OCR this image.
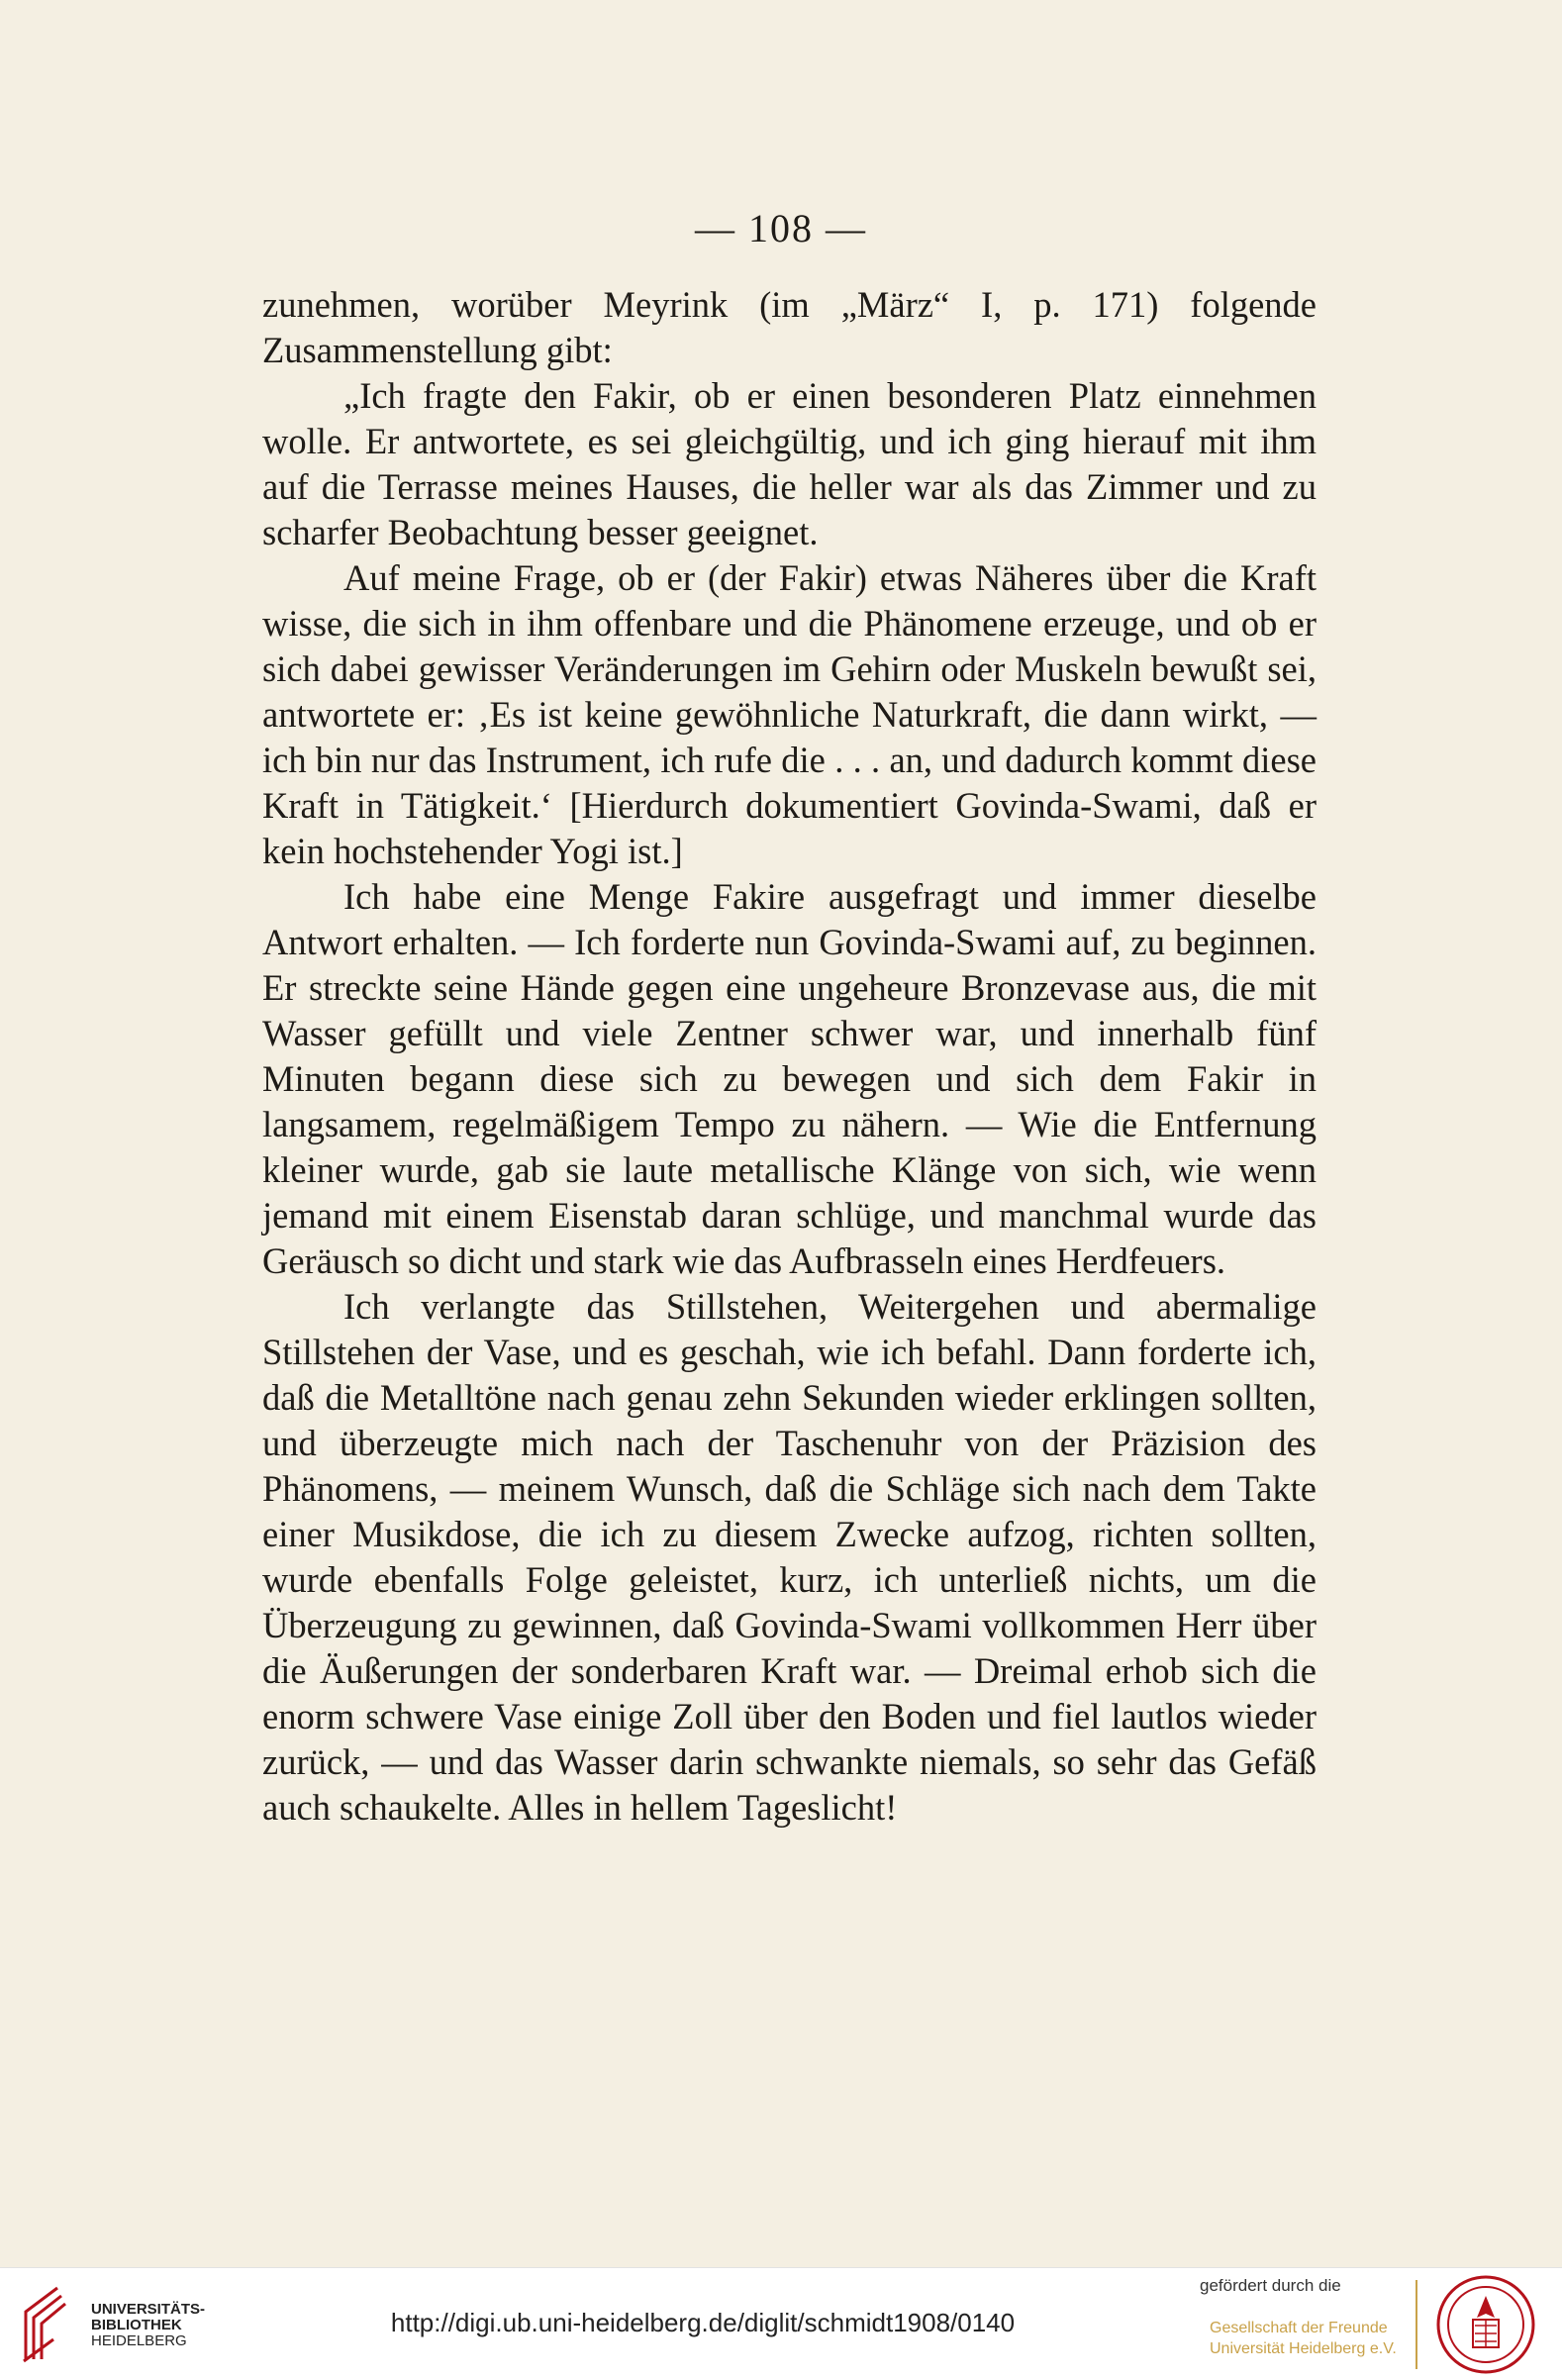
— 108 —

zunehmen, worüber Meyrink (im „März“ I, p. 171) folgende Zusammenstellung gibt:

„Ich fragte den Fakir, ob er einen besonderen Platz einnehmen wolle. Er antwortete, es sei gleichgültig, und ich ging hierauf mit ihm auf die Terrasse meines Hauses, die heller war als das Zimmer und zu scharfer Beobachtung besser geeignet.

Auf meine Frage, ob er (der Fakir) etwas Näheres über die Kraft wisse, die sich in ihm offenbare und die Phänomene erzeuge, und ob er sich dabei gewisser Veränderungen im Gehirn oder Muskeln bewußt sei, antwortete er: ‚Es ist keine gewöhnliche Naturkraft, die dann wirkt, — ich bin nur das Instrument, ich rufe die . . . an, und dadurch kommt diese Kraft in Tätigkeit.‘ [Hierdurch dokumentiert Govinda-Swami, daß er kein hochstehender Yogi ist.]

Ich habe eine Menge Fakire ausgefragt und immer dieselbe Antwort erhalten. — Ich forderte nun Govinda-Swami auf, zu beginnen. Er streckte seine Hände gegen eine ungeheure Bronzevase aus, die mit Wasser gefüllt und viele Zentner schwer war, und innerhalb fünf Minuten begann diese sich zu bewegen und sich dem Fakir in langsamem, regelmäßigem Tempo zu nähern. — Wie die Entfernung kleiner wurde, gab sie laute metallische Klänge von sich, wie wenn jemand mit einem Eisenstab daran schlüge, und manchmal wurde das Geräusch so dicht und stark wie das Aufbrasseln eines Herdfeuers.

Ich verlangte das Stillstehen, Weitergehen und abermalige Stillstehen der Vase, und es geschah, wie ich befahl. Dann forderte ich, daß die Metalltöne nach genau zehn Sekunden wieder erklingen sollten, und überzeugte mich nach der Taschenuhr von der Präzision des Phänomens, — meinem Wunsch, daß die Schläge sich nach dem Takte einer Musikdose, die ich zu diesem Zwecke aufzog, richten sollten, wurde ebenfalls Folge geleistet, kurz, ich unterließ nichts, um die Überzeugung zu gewinnen, daß Govinda-Swami vollkommen Herr über die Äußerungen der sonderbaren Kraft war. — Dreimal erhob sich die enorm schwere Vase einige Zoll über den Boden und fiel lautlos wieder zurück, — und das Wasser darin schwankte niemals, so sehr das Gefäß auch schaukelte. Alles in hellem Tageslicht!

UNIVERSITÄTS-
BIBLIOTHEK
HEIDELBERG
http://digi.ub.uni-heidelberg.de/diglit/schmidt1908/0140
gefördert durch die
Gesellschaft der Freunde
Universität Heidelberg e.V.
